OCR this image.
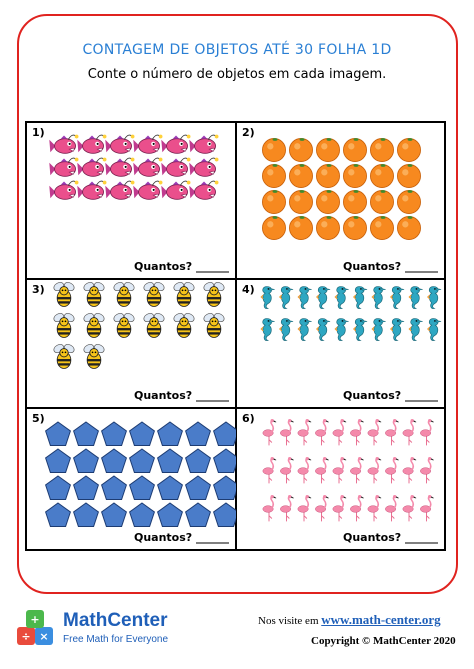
CONTAGEM DE OBJETOS ATÉ 30 FOLHA 1D
Conte o número de objetos em cada imagem.
1)
Quantos? ______
2)
Quantos? ______
3)
Quantos? ______
4)
Quantos? ______
5)
Quantos? ______
6)
Quantos? ______
+
÷ ×
MathCenter
Free Math for Everyone
Nos visite em www.math-center.org
Copyright © MathCenter 2020
